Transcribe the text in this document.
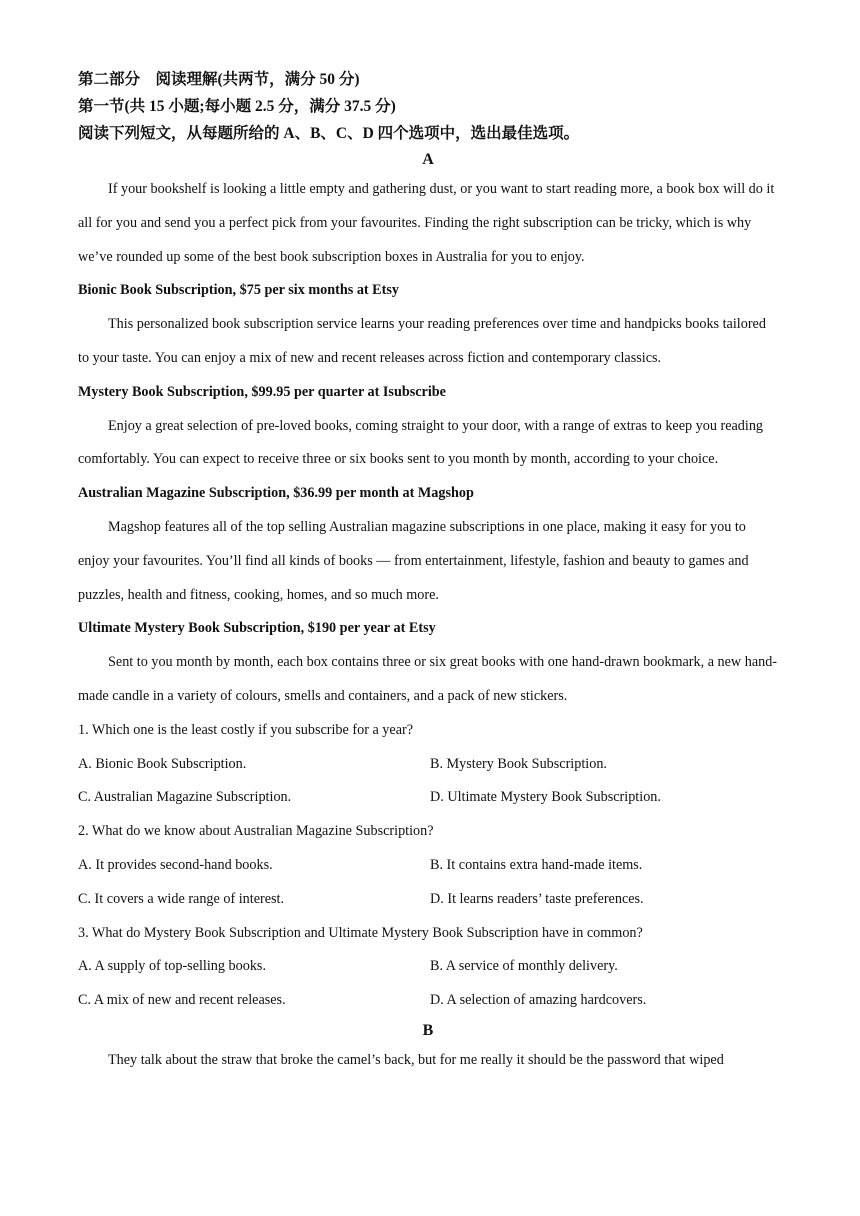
第二部分　阅读理解(共两节，满分 50 分)
第一节(共 15 小题;每小题 2.5 分，满分 37.5 分)
阅读下列短文，从每题所给的 A、B、C、D 四个选项中，选出最佳选项。
A

If your bookshelf is looking a little empty and gathering dust, or you want to start reading more, a book box will do it all for you and send you a perfect pick from your favourites. Finding the right subscription can be tricky, which is why we’ve rounded up some of the best book subscription boxes in Australia for you to enjoy.

Bionic Book Subscription, $75 per six months at Etsy

This personalized book subscription service learns your reading preferences over time and handpicks books tailored to your taste. You can enjoy a mix of new and recent releases across fiction and contemporary classics.

Mystery Book Subscription, $99.95 per quarter at Isubscribe

Enjoy a great selection of pre-loved books, coming straight to your door, with a range of extras to keep you reading comfortably. You can expect to receive three or six books sent to you month by month, according to your choice.

Australian Magazine Subscription, $36.99 per month at Magshop

Magshop features all of the top selling Australian magazine subscriptions in one place, making it easy for you to enjoy your favourites. You’ll find all kinds of books — from entertainment, lifestyle, fashion and beauty to games and puzzles, health and fitness, cooking, homes, and so much more.

Ultimate Mystery Book Subscription, $190 per year at Etsy

Sent to you month by month, each box contains three or six great books with one hand-drawn bookmark, a new hand-made candle in a variety of colours, smells and containers, and a pack of new stickers.

1. Which one is the least costly if you subscribe for a year?

A. Bionic Book Subscription.	B. Mystery Book Subscription.
C. Australian Magazine Subscription.	D. Ultimate Mystery Book Subscription.

2. What do we know about Australian Magazine Subscription?

A. It provides second-hand books.	B. It contains extra hand-made items.
C. It covers a wide range of interest.	D. It learns readers’ taste preferences.

3. What do Mystery Book Subscription and Ultimate Mystery Book Subscription have in common?

A. A supply of top-selling books.	B. A service of monthly delivery.
C. A mix of new and recent releases.	D. A selection of amazing hardcovers.
B

They talk about the straw that broke the camel’s back, but for me really it should be the password that wiped
